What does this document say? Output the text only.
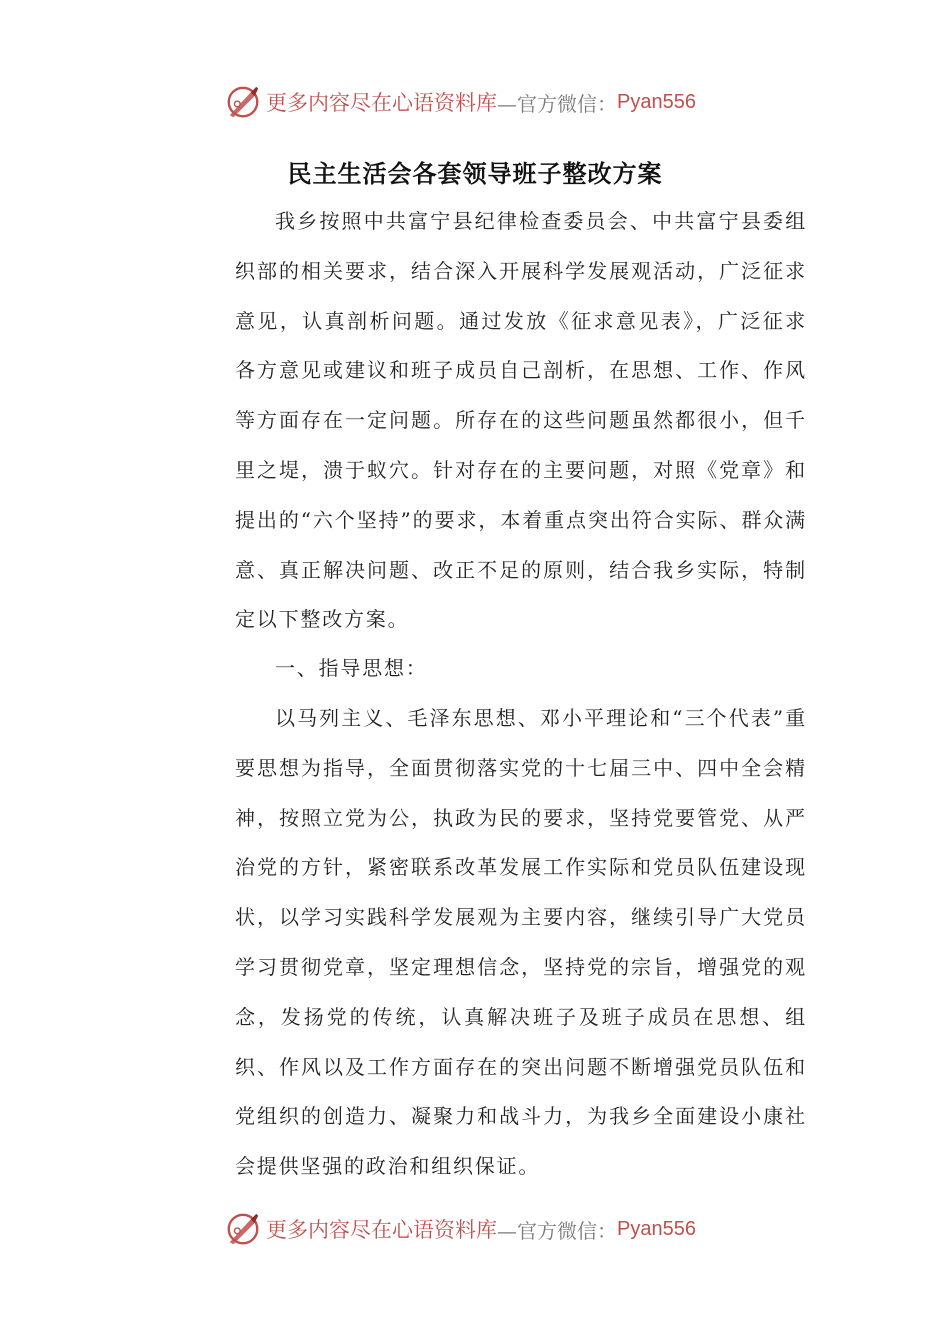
更多内容尽在心语资料库 —官方微信： Pyan556
民主生活会各套领导班子整改方案

我乡按照中共富宁县纪律检查委员会、中共富宁县委组织部的相关要求，结合深入开展科学发展观活动，广泛征求意见，认真剖析问题。通过发放《征求意见表》，广泛征求各方意见或建议和班子成员自己剖析，在思想、工作、作风等方面存在一定问题。所存在的这些问题虽然都很小，但千里之堤，溃于蚁穴。针对存在的主要问题，对照《党章》和提出的“六个坚持”的要求，本着重点突出符合实际、群众满意、真正解决问题、改正不足的原则，结合我乡实际，特制定以下整改方案。

一、指导思想：

以马列主义、毛泽东思想、邓小平理论和“三个代表”重要思想为指导，全面贯彻落实党的十七届三中、四中全会精神，按照立党为公，执政为民的要求，坚持党要管党、从严治党的方针，紧密联系改革发展工作实际和党员队伍建设现状，以学习实践科学发展观为主要内容，继续引导广大党员学习贯彻党章，坚定理想信念，坚持党的宗旨，增强党的观念，发扬党的传统，认真解决班子及班子成员在思想、组织、作风以及工作方面存在的突出问题不断增强党员队伍和党组织的创造力、凝聚力和战斗力，为我乡全面建设小康社会提供坚强的政治和组织保证。

更多内容尽在心语资料库 —官方微信： Pyan556
